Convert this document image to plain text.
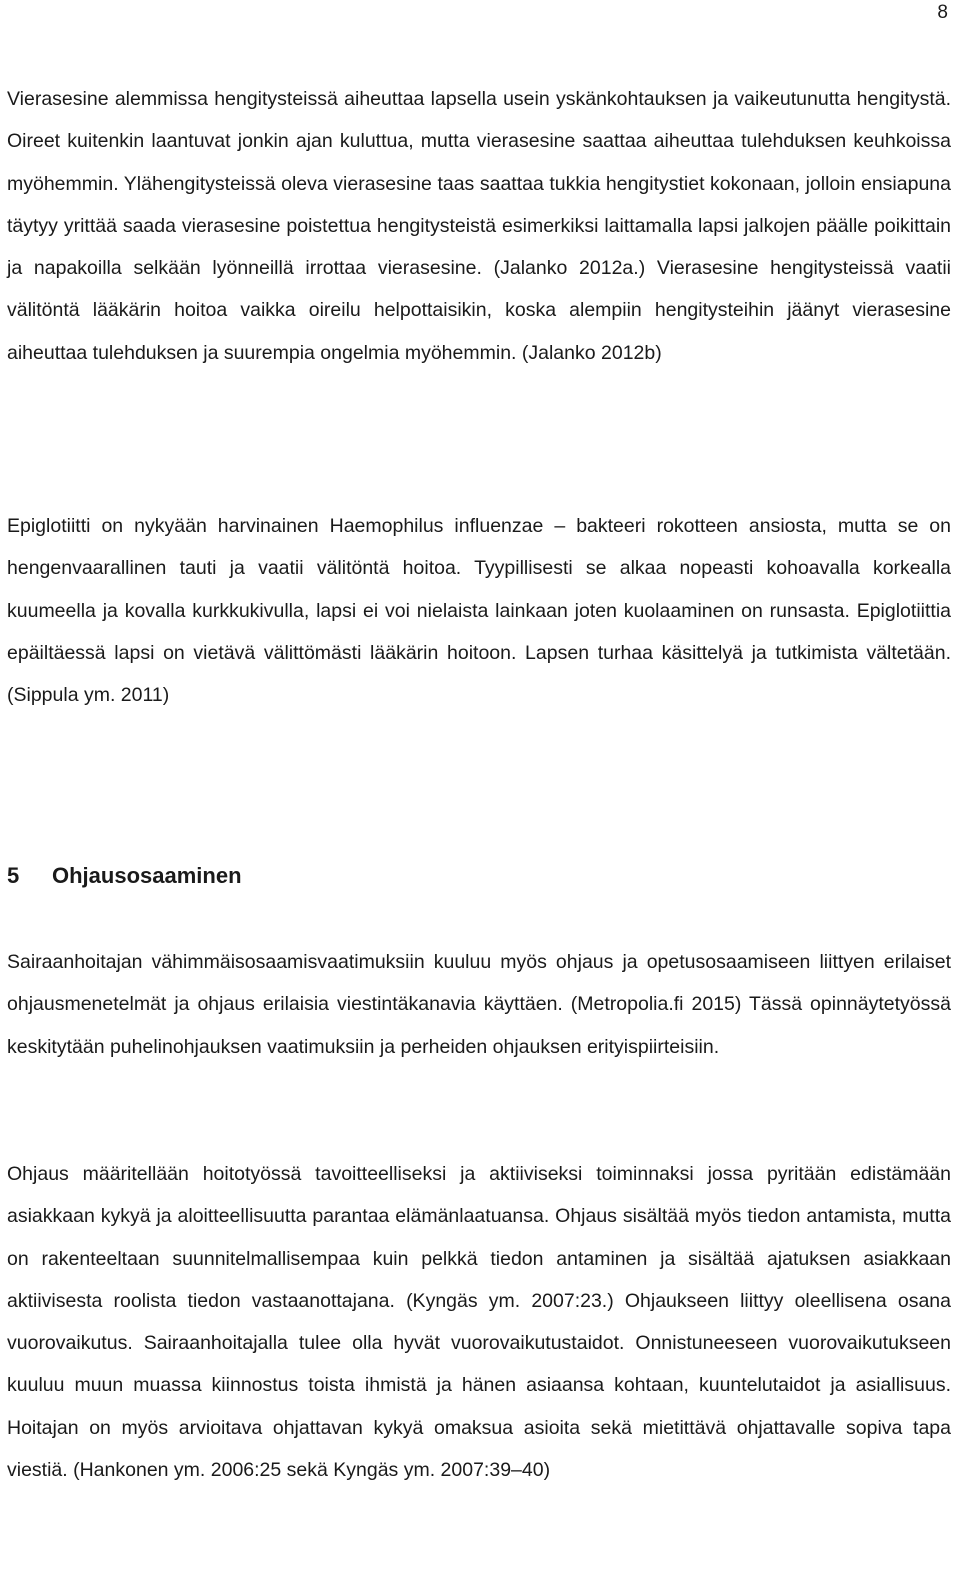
8

Vierasesine alemmissa hengitysteissä aiheuttaa lapsella usein yskänkohtauksen ja vaikeutunutta hengitystä. Oireet kuitenkin laantuvat jonkin ajan kuluttua, mutta vierasesine saattaa aiheuttaa tulehduksen keuhkoissa myöhemmin. Ylähengitysteissä oleva vierasesine taas saattaa tukkia hengitystiet kokonaan, jolloin ensiapuna täytyy yrittää saada vierasesine poistettua hengitysteistä esimerkiksi laittamalla lapsi jalkojen päälle poikittain ja napakoilla selkään lyönneillä irrottaa vierasesine. (Jalanko 2012a.) Vierasesine hengitysteissä vaatii välitöntä lääkärin hoitoa vaikka oireilu helpottaisikin, koska alempiin hengitysteihin jäänyt vierasesine aiheuttaa tulehduksen ja suurempia ongelmia myöhemmin. (Jalanko 2012b)

Epiglotiitti on nykyään harvinainen Haemophilus influenzae – bakteeri rokotteen ansiosta, mutta se on hengenvaarallinen tauti ja vaatii välitöntä hoitoa. Tyypillisesti se alkaa nopeasti kohoavalla korkealla kuumeella ja kovalla kurkkukivulla, lapsi ei voi nielaista lainkaan joten kuolaaminen on runsasta. Epiglotiittia epäiltäessä lapsi on vietävä välittömästi lääkärin hoitoon. Lapsen turhaa käsittelyä ja tutkimista vältetään. (Sippula ym. 2011)

5 Ohjausosaaminen

Sairaanhoitajan vähimmäisosaamisvaatimuksiin kuuluu myös ohjaus ja opetusosaamiseen liittyen erilaiset ohjausmenetelmät ja ohjaus erilaisia viestintäkanavia käyttäen. (Metropolia.fi 2015) Tässä opinnäytetyössä keskitytään puhelinohjauksen vaatimuksiin ja perheiden ohjauksen erityispiirteisiin.

Ohjaus määritellään hoitotyössä tavoitteelliseksi ja aktiiviseksi toiminnaksi jossa pyritään edistämään asiakkaan kykyä ja aloitteellisuutta parantaa elämänlaatuansa. Ohjaus sisältää myös tiedon antamista, mutta on rakenteeltaan suunnitelmallisempaa kuin pelkkä tiedon antaminen ja sisältää ajatuksen asiakkaan aktiivisesta roolista tiedon vastaanottajana. (Kyngäs ym. 2007:23.) Ohjaukseen liittyy oleellisena osana vuorovaikutus. Sairaanhoitajalla tulee olla hyvät vuorovaikutustaidot. Onnistuneeseen vuorovaikutukseen kuuluu muun muassa kiinnostus toista ihmistä ja hänen asiaansa kohtaan, kuuntelutaidot ja asiallisuus. Hoitajan on myös arvioitava ohjattavan kykyä omaksua asioita sekä mietittävä ohjattavalle sopiva tapa viestiä. (Hankonen ym. 2006:25 sekä Kyngäs ym. 2007:39–40)
